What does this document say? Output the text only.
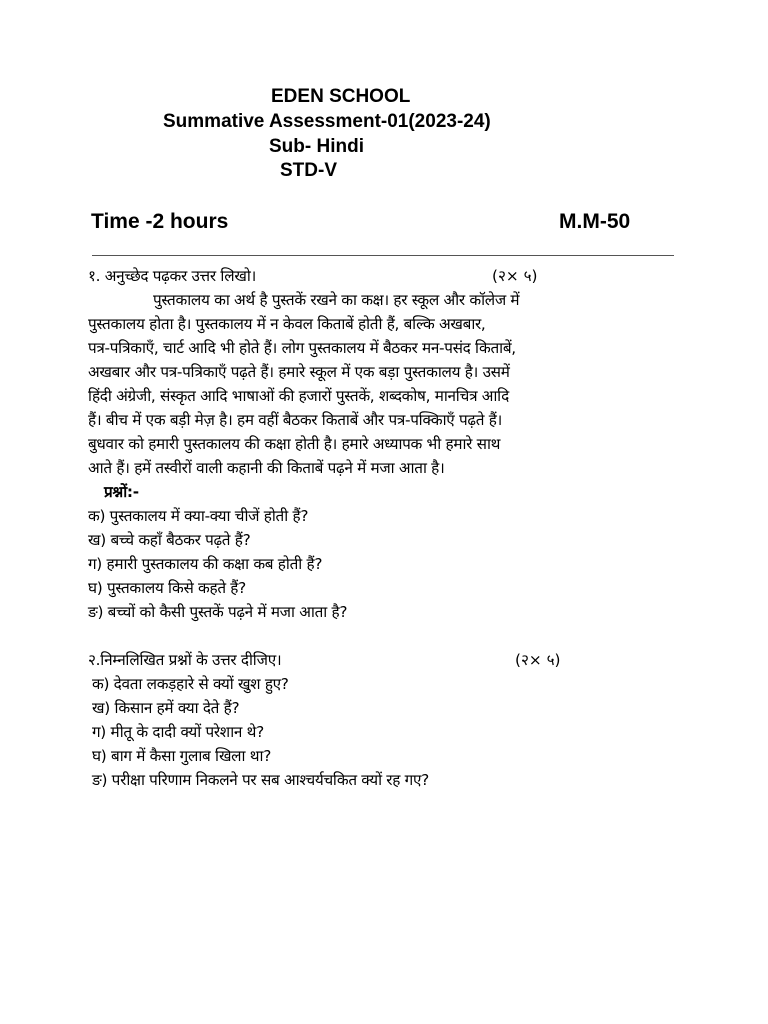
EDEN SCHOOL
Summative Assessment-01(2023-24)
Sub- Hindi
STD-V
Time -2 hours	M.M-50
१. अनुच्छेद पढ़कर उत्तर लिखो।	(२× ५)
पुस्तकालय का अर्थ है पुस्तकें रखने का कक्ष। हर स्कूल और कॉलेज में
पुस्तकालय होता है। पुस्तकालय में न केवल किताबें होती हैं, बल्कि अखबार,
पत्र-पत्रिकाएँ, चार्ट आदि भी होते हैं। लोग पुस्तकालय में बैठकर मन-पसंद किताबें,
अखबार और पत्र-पत्रिकाएँ पढ़ते हैं। हमारे स्कूल में एक बड़ा पुस्तकालय है। उसमें
हिंदी अंग्रेजी, संस्कृत आदि भाषाओं की हजारों पुस्तकें, शब्दकोष, मानचित्र आदि
हैं। बीच में एक बड़ी मेज़ है। हम वहीं बैठकर किताबें और पत्र-पक्किाएँ पढ़ते हैं।
बुधवार को हमारी पुस्तकालय की कक्षा होती है। हमारे अध्यापक भी हमारे साथ
आते हैं। हमें तस्वीरों वाली कहानी की किताबें पढ़ने में मजा आता है।
प्रश्नों:-
क) पुस्तकालय में क्या-क्या चीजें होती हैं?
ख) बच्चे कहाँ बैठकर पढ़ते हैं?
ग) हमारी पुस्तकालय की कक्षा कब होती हैं?
घ) पुस्तकालय किसे कहते हैं?
ङ) बच्चों को कैसी पुस्तकें पढ़ने में मजा आता है?
२.निम्नलिखित प्रश्नों के उत्तर दीजिए।	(२× ५)
क) देवता लकड़हारे से क्यों खुश हुए?
ख) किसान हमें क्या देते हैं?
ग) मीतू के दादी क्यों परेशान थे?
घ) बाग में कैसा गुलाब खिला था?
ङ) परीक्षा परिणाम निकलने पर सब आश्चर्यचकित क्यों रह गए?
